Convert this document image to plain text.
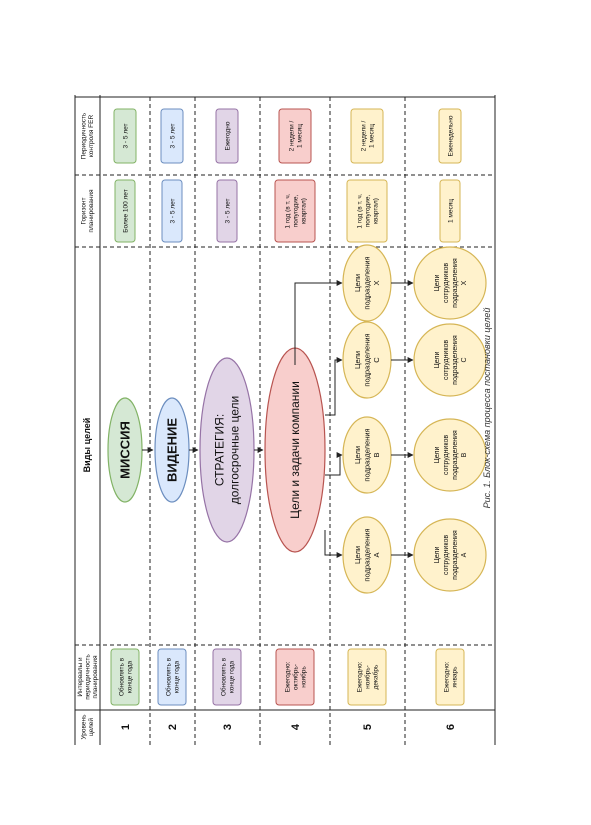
Уровеньцелей
Интервалы ипериодичностьпланирования
Виды целей
Горизонтпланирования
Периодичностьконтроля FER
1
Обновлять вконце года
Более 100 лет
3 - 5 лет
2
Обновлять вконце года
3 - 5 лет
3 - 5 лет
3
Обновлять вконце года
3 - 5 лет
Ежегодно
4
Ежегодно:октябрь-ноябрь
1 год (в т. ч.полугодие,квартал)
2 недели /1 месяц
5
Ежегодно:ноябрь-декабрь
1 год (в т. ч.полугодие,квартал)
2 недели /1 месяц
6
Ежегодно:январь
1 месяц
Еженедельно
МИССИЯ ВИДЕНИЕ	СТРАТЕГИЯ:долгосрочные цели	Цели и задачи компании
ЦелиподразделенияА
ЦелиподразделенияВ
ЦелиподразделенияС
ЦелиподразделенияХ
Цели сотрудников подразделения А
Цели сотрудников подразделения В
Цели сотрудников подразделения С
Цели сотрудников подразделения Х
Рис. 1. Блок-схема процесса постановки целей
